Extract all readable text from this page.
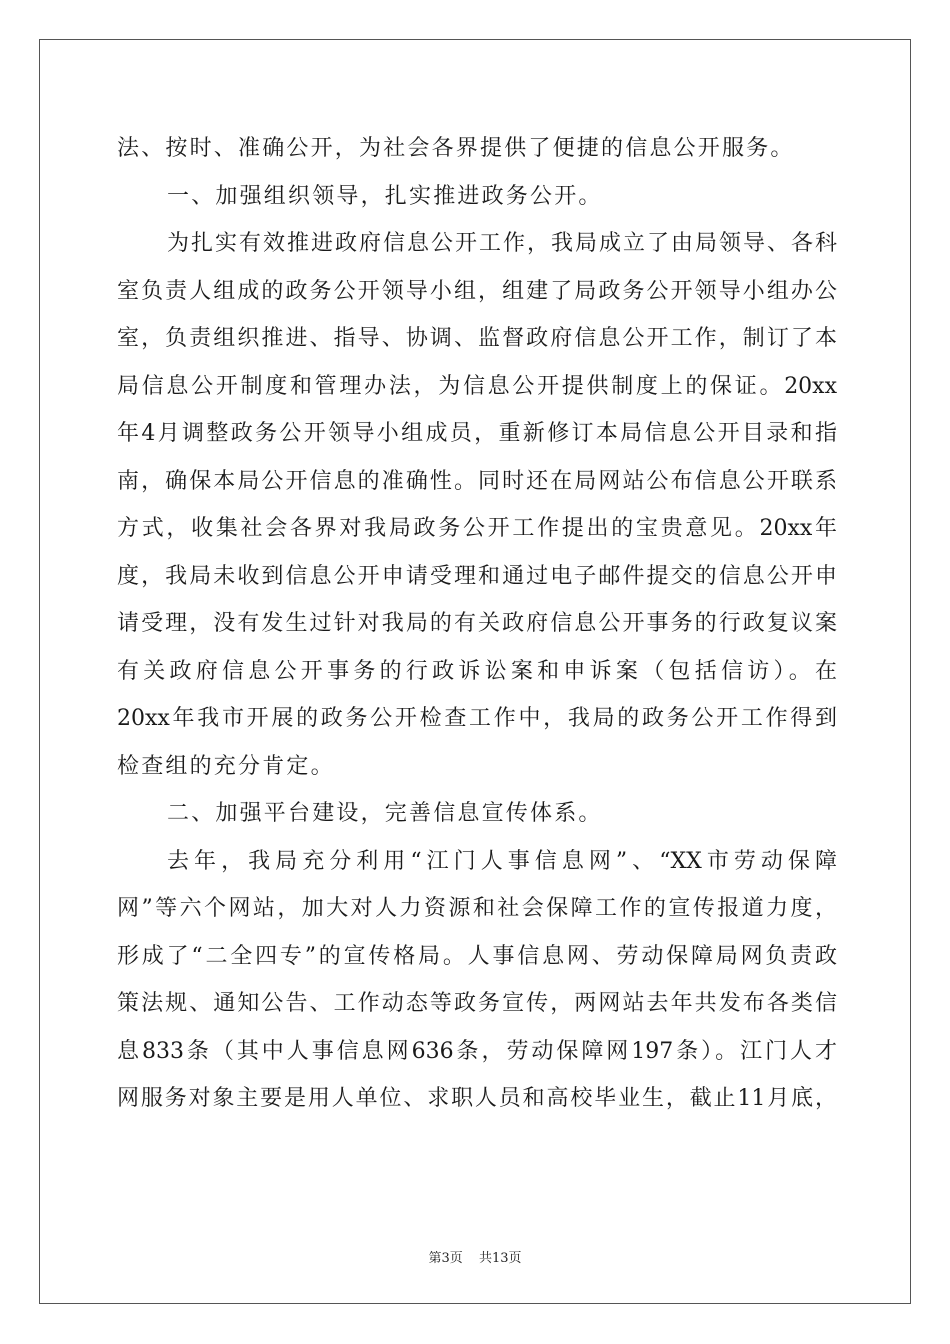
法、按时、准确公开，为社会各界提供了便捷的信息公开服务。
一、加强组织领导，扎实推进政务公开。
为扎实有效推进政府信息公开工作，我局成立了由局领导、各科
室负责人组成的政务公开领导小组，组建了局政务公开领导小组办公
室，负责组织推进、指导、协调、监督政府信息公开工作，制订了本
局信息公开制度和管理办法，为信息公开提供制度上的保证。20xx
年4月调整政务公开领导小组成员，重新修订本局信息公开目录和指
南，确保本局公开信息的准确性。同时还在局网站公布信息公开联系
方式，收集社会各界对我局政务公开工作提出的宝贵意见。20xx年
度，我局未收到信息公开申请受理和通过电子邮件提交的信息公开申
请受理，没有发生过针对我局的有关政府信息公开事务的行政复议案
有关政府信息公开事务的行政诉讼案和申诉案（包括信访）。在
20xx年我市开展的政务公开检查工作中，我局的政务公开工作得到
检查组的充分肯定。
二、加强平台建设，完善信息宣传体系。
去年，我局充分利用“江门人事信息网”、“XX市劳动保障
网”等六个网站，加大对人力资源和社会保障工作的宣传报道力度，
形成了“二全四专”的宣传格局。人事信息网、劳动保障局网负责政
策法规、通知公告、工作动态等政务宣传，两网站去年共发布各类信
息833条（其中人事信息网636条，劳动保障网197条）。江门人才
网服务对象主要是用人单位、求职人员和高校毕业生，截止11月底，
第3页 共13页
